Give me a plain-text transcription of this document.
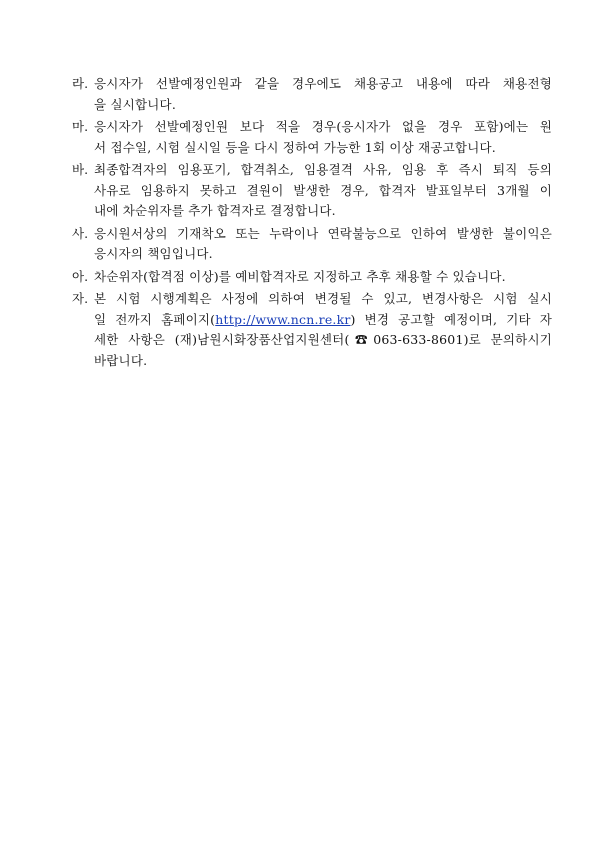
라. 응시자가 선발예정인원과 같을 경우에도 채용공고 내용에 따라 채용전형
을 실시합니다.
마. 응시자가 선발예정인원 보다 적을 경우(응시자가 없을 경우 포함)에는 원
서 접수일, 시험 실시일 등을 다시 정하여 가능한 1회 이상 재공고합니다.
바. 최종합격자의 임용포기, 합격취소, 임용결격 사유, 임용 후 즉시 퇴직 등의
사유로 임용하지 못하고 결원이 발생한 경우, 합격자 발표일부터 3개월 이
내에 차순위자를 추가 합격자로 결정합니다.
사. 응시원서상의 기재착오 또는 누락이나 연락불능으로 인하여 발생한 불이익은
응시자의 책임입니다.
아. 차순위자(합격점 이상)를 예비합격자로 지정하고 추후 채용할 수 있습니다.
자. 본 시험 시행계획은 사정에 의하여 변경될 수 있고, 변경사항은 시험 실시
일 전까지 홈페이지(http://www.ncn.re.kr) 변경 공고할 예정이며, 기타 자
세한 사항은 (재)남원시화장품산업지원센터(☎063-633-8601)로 문의하시기
바랍니다.
